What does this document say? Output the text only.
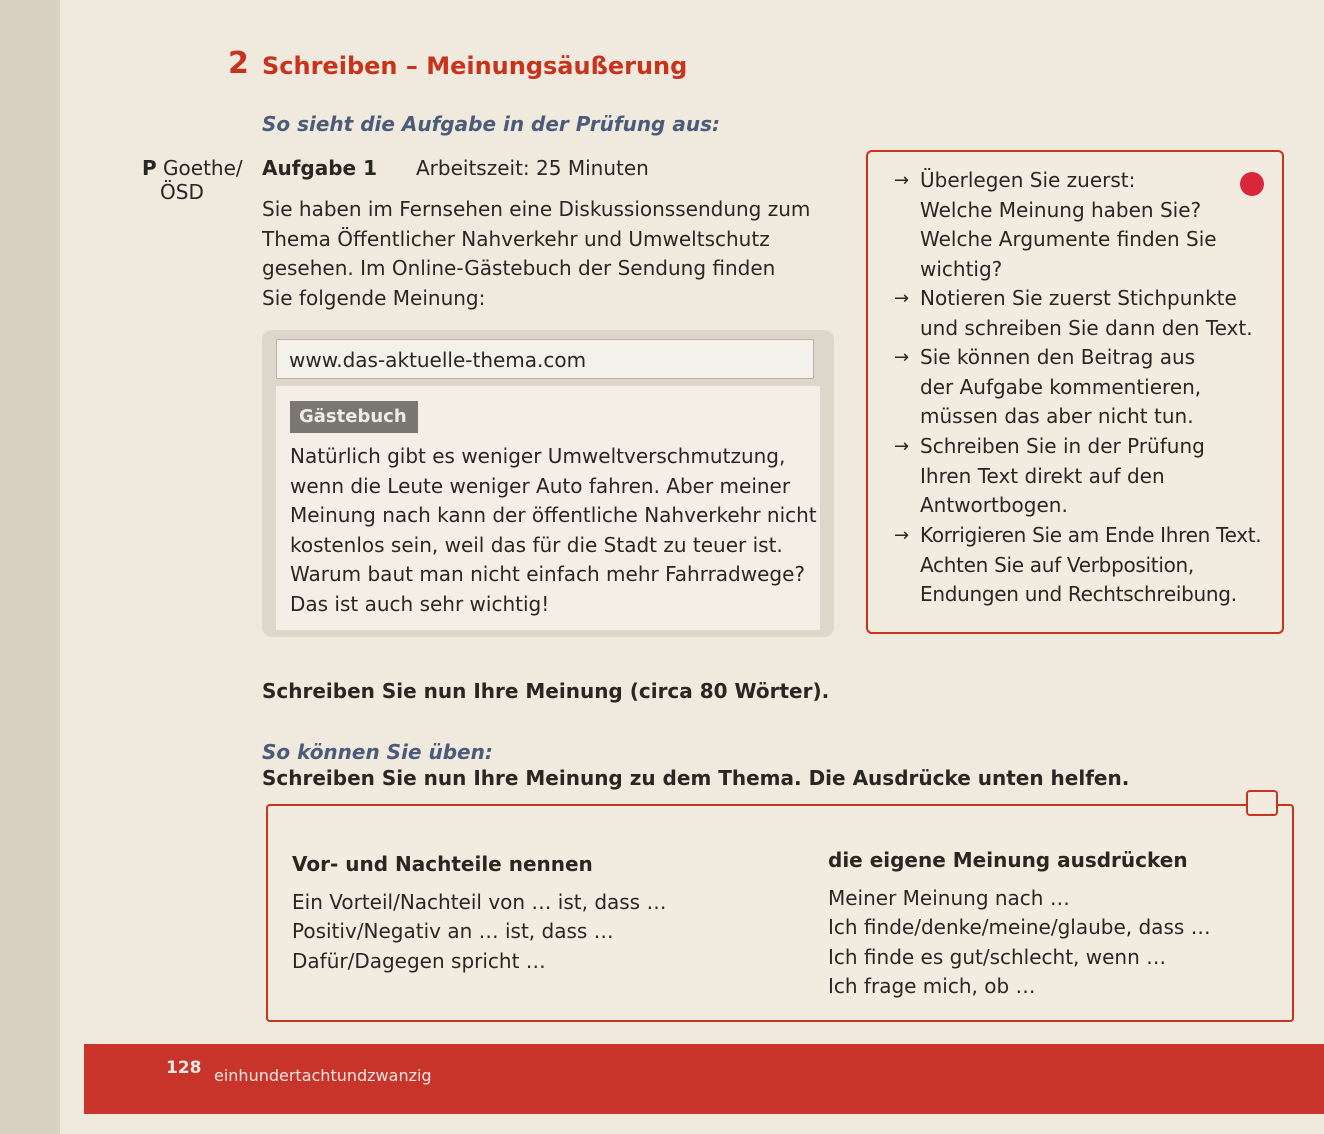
2 Schreiben – Meinungsäußerung
So sieht die Aufgabe in der Prüfung aus:
P Goethe/
ÖSD
Aufgabe 1 Arbeitszeit: 25 Minuten
Sie haben im Fernsehen eine Diskussionssendung zum
Thema Öffentlicher Nahverkehr und Umweltschutz
gesehen. Im Online-Gästebuch der Sendung finden
Sie folgende Meinung:
www.das-aktuelle-thema.com
Gästebuch
Natürlich gibt es weniger Umweltverschmutzung,
wenn die Leute weniger Auto fahren. Aber meiner
Meinung nach kann der öffentliche Nahverkehr nicht
kostenlos sein, weil das für die Stadt zu teuer ist.
Warum baut man nicht einfach mehr Fahrradwege?
Das ist auch sehr wichtig!
→ Überlegen Sie zuerst:
Welche Meinung haben Sie?
Welche Argumente finden Sie
wichtig?
→ Notieren Sie zuerst Stichpunkte
und schreiben Sie dann den Text.
→ Sie können den Beitrag aus
der Aufgabe kommentieren,
müssen das aber nicht tun.
→ Schreiben Sie in der Prüfung
Ihren Text direkt auf den
Antwortbogen.
→ Korrigieren Sie am Ende Ihren Text.
Achten Sie auf Verbposition,
Endungen und Rechtschreibung.
Schreiben Sie nun Ihre Meinung (circa 80 Wörter).
So können Sie üben:
Schreiben Sie nun Ihre Meinung zu dem Thema. Die Ausdrücke unten helfen.
Vor- und Nachteile nennen
Ein Vorteil/Nachteil von … ist, dass …
Positiv/Negativ an … ist, dass …
Dafür/Dagegen spricht …
die eigene Meinung ausdrücken
Meiner Meinung nach …
Ich finde/denke/meine/glaube, dass …
Ich finde es gut/schlecht, wenn …
Ich frage mich, ob …
128 einhundertachtundzwanzig
